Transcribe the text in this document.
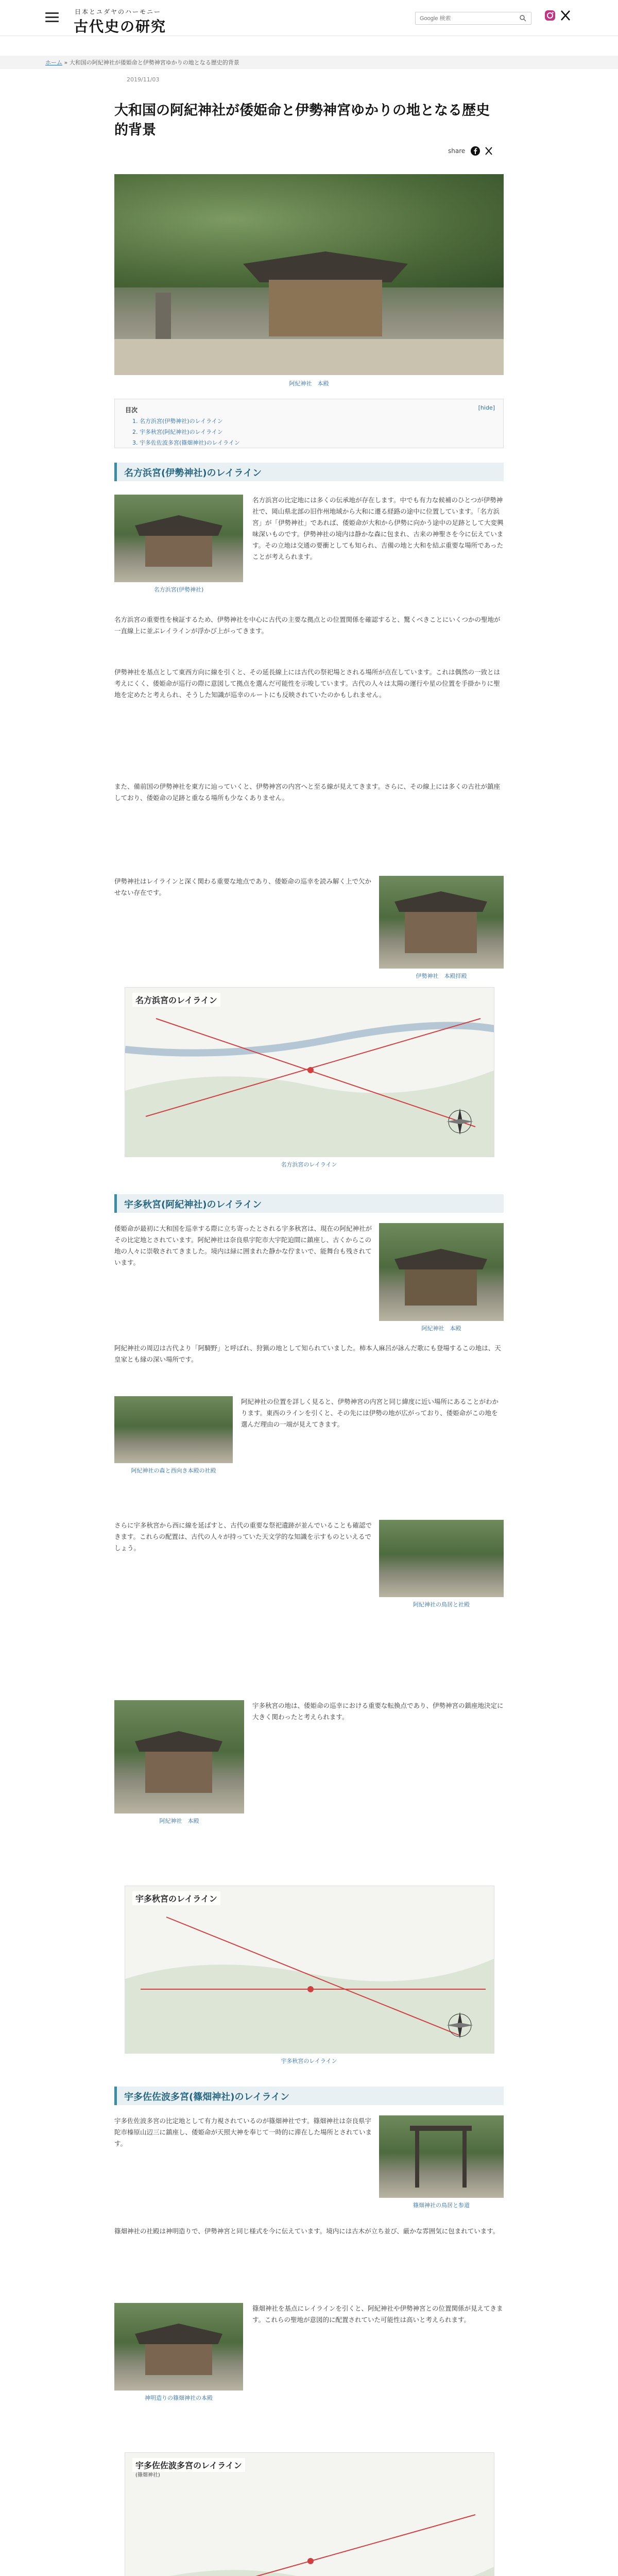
日本とユダヤのハーモニー
古代史の研究
Google 検索
ホーム » 大和国の阿紀神社が倭姫命と伊勢神宮ゆかりの地となる歴史的背景
2019/11/03
大和国の阿紀神社が倭姫命と伊勢神宮ゆかりの地となる歴史的背景
share
阿紀神社　本殿
目次	[hide]
1. 名方浜宮(伊勢神社)のレイライン
2. 宇多秋宮(阿紀神社)のレイライン
3. 宇多佐佐波多宮(篠畑神社)のレイライン
名方浜宮(伊勢神社)のレイライン
名方浜宮(伊勢神社)
名方浜宮の比定地には多くの伝承地が存在します。中でも有力な候補のひとつが伊勢神社で、岡山県北部の旧作州地域から大和に遷る経路の途中に位置しています。「名方浜宮」が「伊勢神社」であれば、倭姫命が大和から伊勢に向かう途中の足跡として大変興味深いものです。伊勢神社の境内は静かな森に包まれ、古来の神聖さを今に伝えています。その立地は交通の要衝としても知られ、吉備の地と大和を結ぶ重要な場所であったことが考えられます。
名方浜宮の重要性を検証するため、伊勢神社を中心に古代の主要な拠点との位置関係を確認すると、驚くべきことにいくつかの聖地が一直線上に並ぶレイラインが浮かび上がってきます。
伊勢神社を基点として東西方向に線を引くと、その延長線上には古代の祭祀場とされる場所が点在しています。これは偶然の一致とは考えにくく、倭姫命が巡行の際に意図して拠点を選んだ可能性を示唆しています。古代の人々は太陽の運行や星の位置を手掛かりに聖地を定めたと考えられ、そうした知識が巡幸のルートにも反映されていたのかもしれません。
また、備前国の伊勢神社を東方に辿っていくと、伊勢神宮の内宮へと至る線が見えてきます。さらに、その線上には多くの古社が鎮座しており、倭姫命の足跡と重なる場所も少なくありません。
伊勢神社はレイラインと深く関わる重要な地点であり、倭姫命の巡幸を読み解く上で欠かせない存在です。
伊勢神社　本殿拝殿
名方浜宮のレイライン
名方浜宮のレイライン
宇多秋宮(阿紀神社)のレイライン
倭姫命が最初に大和国を巡幸する際に立ち寄ったとされる宇多秋宮は、現在の阿紀神社がその比定地とされています。阿紀神社は奈良県宇陀市大宇陀迫間に鎮座し、古くからこの地の人々に崇敬されてきました。境内は緑に囲まれた静かな佇まいで、能舞台も残されています。
阿紀神社　本殿
阿紀神社の周辺は古代より「阿騎野」と呼ばれ、狩猟の地として知られていました。柿本人麻呂が詠んだ歌にも登場するこの地は、天皇家とも縁の深い場所です。
阿紀神社の森と西向き本殿の社殿
阿紀神社の位置を詳しく見ると、伊勢神宮の内宮と同じ緯度に近い場所にあることがわかります。東西のラインを引くと、その先には伊勢の地が広がっており、倭姫命がこの地を選んだ理由の一端が見えてきます。
さらに宇多秋宮から西に線を延ばすと、古代の重要な祭祀遺跡が並んでいることも確認できます。これらの配置は、古代の人々が持っていた天文学的な知識を示すものといえるでしょう。
阿紀神社の鳥居と社殿
阿紀神社　本殿
宇多秋宮の地は、倭姫命の巡幸における重要な転換点であり、伊勢神宮の鎮座地決定に大きく関わったと考えられます。
宇多秋宮のレイライン
宇多秋宮のレイライン
宇多佐佐波多宮(篠畑神社)のレイライン
宇多佐佐波多宮の比定地として有力視されているのが篠畑神社です。篠畑神社は奈良県宇陀市榛原山辺三に鎮座し、倭姫命が天照大神を奉じて一時的に滞在した場所とされています。
篠畑神社の鳥居と参道
篠畑神社の社殿は神明造りで、伊勢神宮と同じ様式を今に伝えています。境内には古木が立ち並び、厳かな雰囲気に包まれています。
神明造りの篠畑神社の本殿
篠畑神社を基点にレイラインを引くと、阿紀神社や伊勢神宮との位置関係が見えてきます。これらの聖地が意図的に配置されていた可能性は高いと考えられます。
宇多佐佐波多宮のレイライン
(篠畑神社)
